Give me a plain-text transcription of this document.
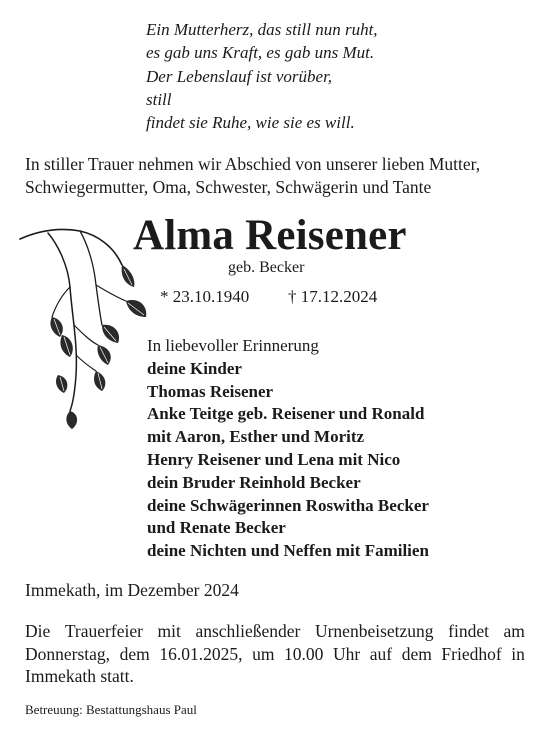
Ein Mutterherz, das still nun ruht,
es gab uns Kraft, es gab uns Mut.
Der Lebenslauf ist vorüber,
still
findet sie Ruhe, wie sie es will.
In stiller Trauer nehmen wir Abschied von unserer lieben Mutter,
Schwiegermutter, Oma, Schwester, Schwägerin und Tante
Alma Reisener
geb. Becker
* 23.10.1940 † 17.12.2024
In liebevoller Erinnerung
deine Kinder
Thomas Reisener
Anke Teitge geb. Reisener und Ronald
mit Aaron, Esther und Moritz
Henry Reisener und Lena mit Nico
dein Bruder Reinhold Becker
deine Schwägerinnen Roswitha Becker
und Renate Becker
deine Nichten und Neffen mit Familien
Immekath, im Dezember 2024
Die Trauerfeier mit anschließender Urnenbeisetzung findet am
Donnerstag, dem 16.01.2025, um 10.00 Uhr auf dem Friedhof in
Immekath statt.
Betreuung: Bestattungshaus Paul
